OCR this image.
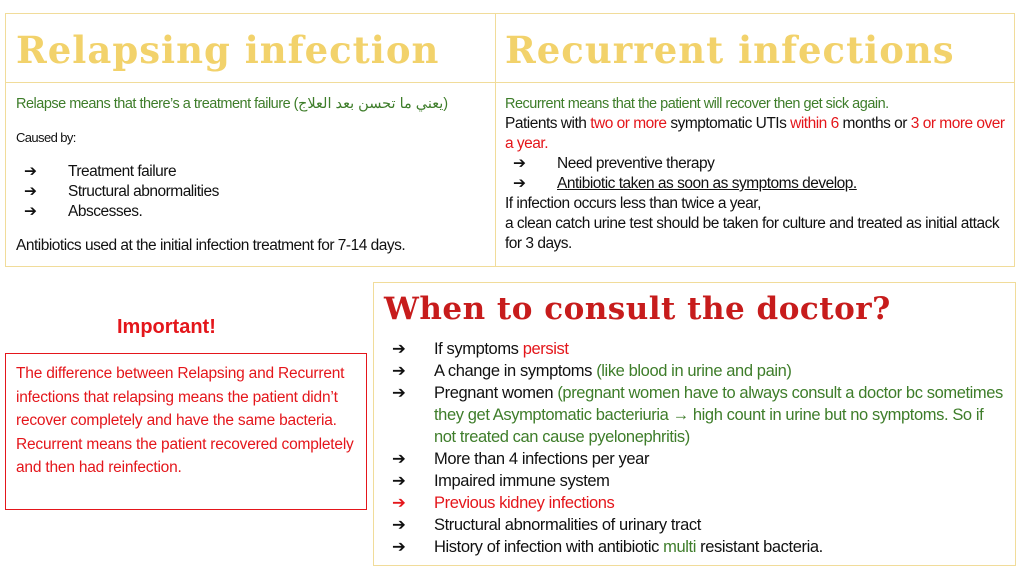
Relapsing infection Recurrent infections
Relapse means that there’s a treatment failure (يعني ما تحسن بعد العلاج)
Caused by:
➔ Treatment failure
➔ Structural abnormalities
➔ Abscesses.
Antibiotics used at the initial infection treatment for 7-14 days.
Recurrent means that the patient will recover then get sick again.
Patients with two or more symptomatic UTIs within 6 months or 3 or more over a year.
➔ Need preventive therapy
➔ Antibiotic taken as soon as symptoms develop.
If infection occurs less than twice a year,
a clean catch urine test should be taken for culture and treated as initial attack for 3 days.
Important!
The difference between Relapsing and Recurrent infections that relapsing means the patient didn’t recover completely and have the same bacteria. Recurrent means the patient recovered completely and then had reinfection.
When to consult the doctor?
➔ If symptoms persist
➔ A change in symptoms (like blood in urine and pain)
➔ Pregnant women (pregnant women have to always consult a doctor bc sometimes they get Asymptomatic bacteriuria → high count in urine but no symptoms. So if not treated can cause pyelonephritis)
➔ More than 4 infections per year
➔ Impaired immune system
➔ Previous kidney infections
➔ Structural abnormalities of urinary tract
➔ History of infection with antibiotic multi resistant bacteria.
